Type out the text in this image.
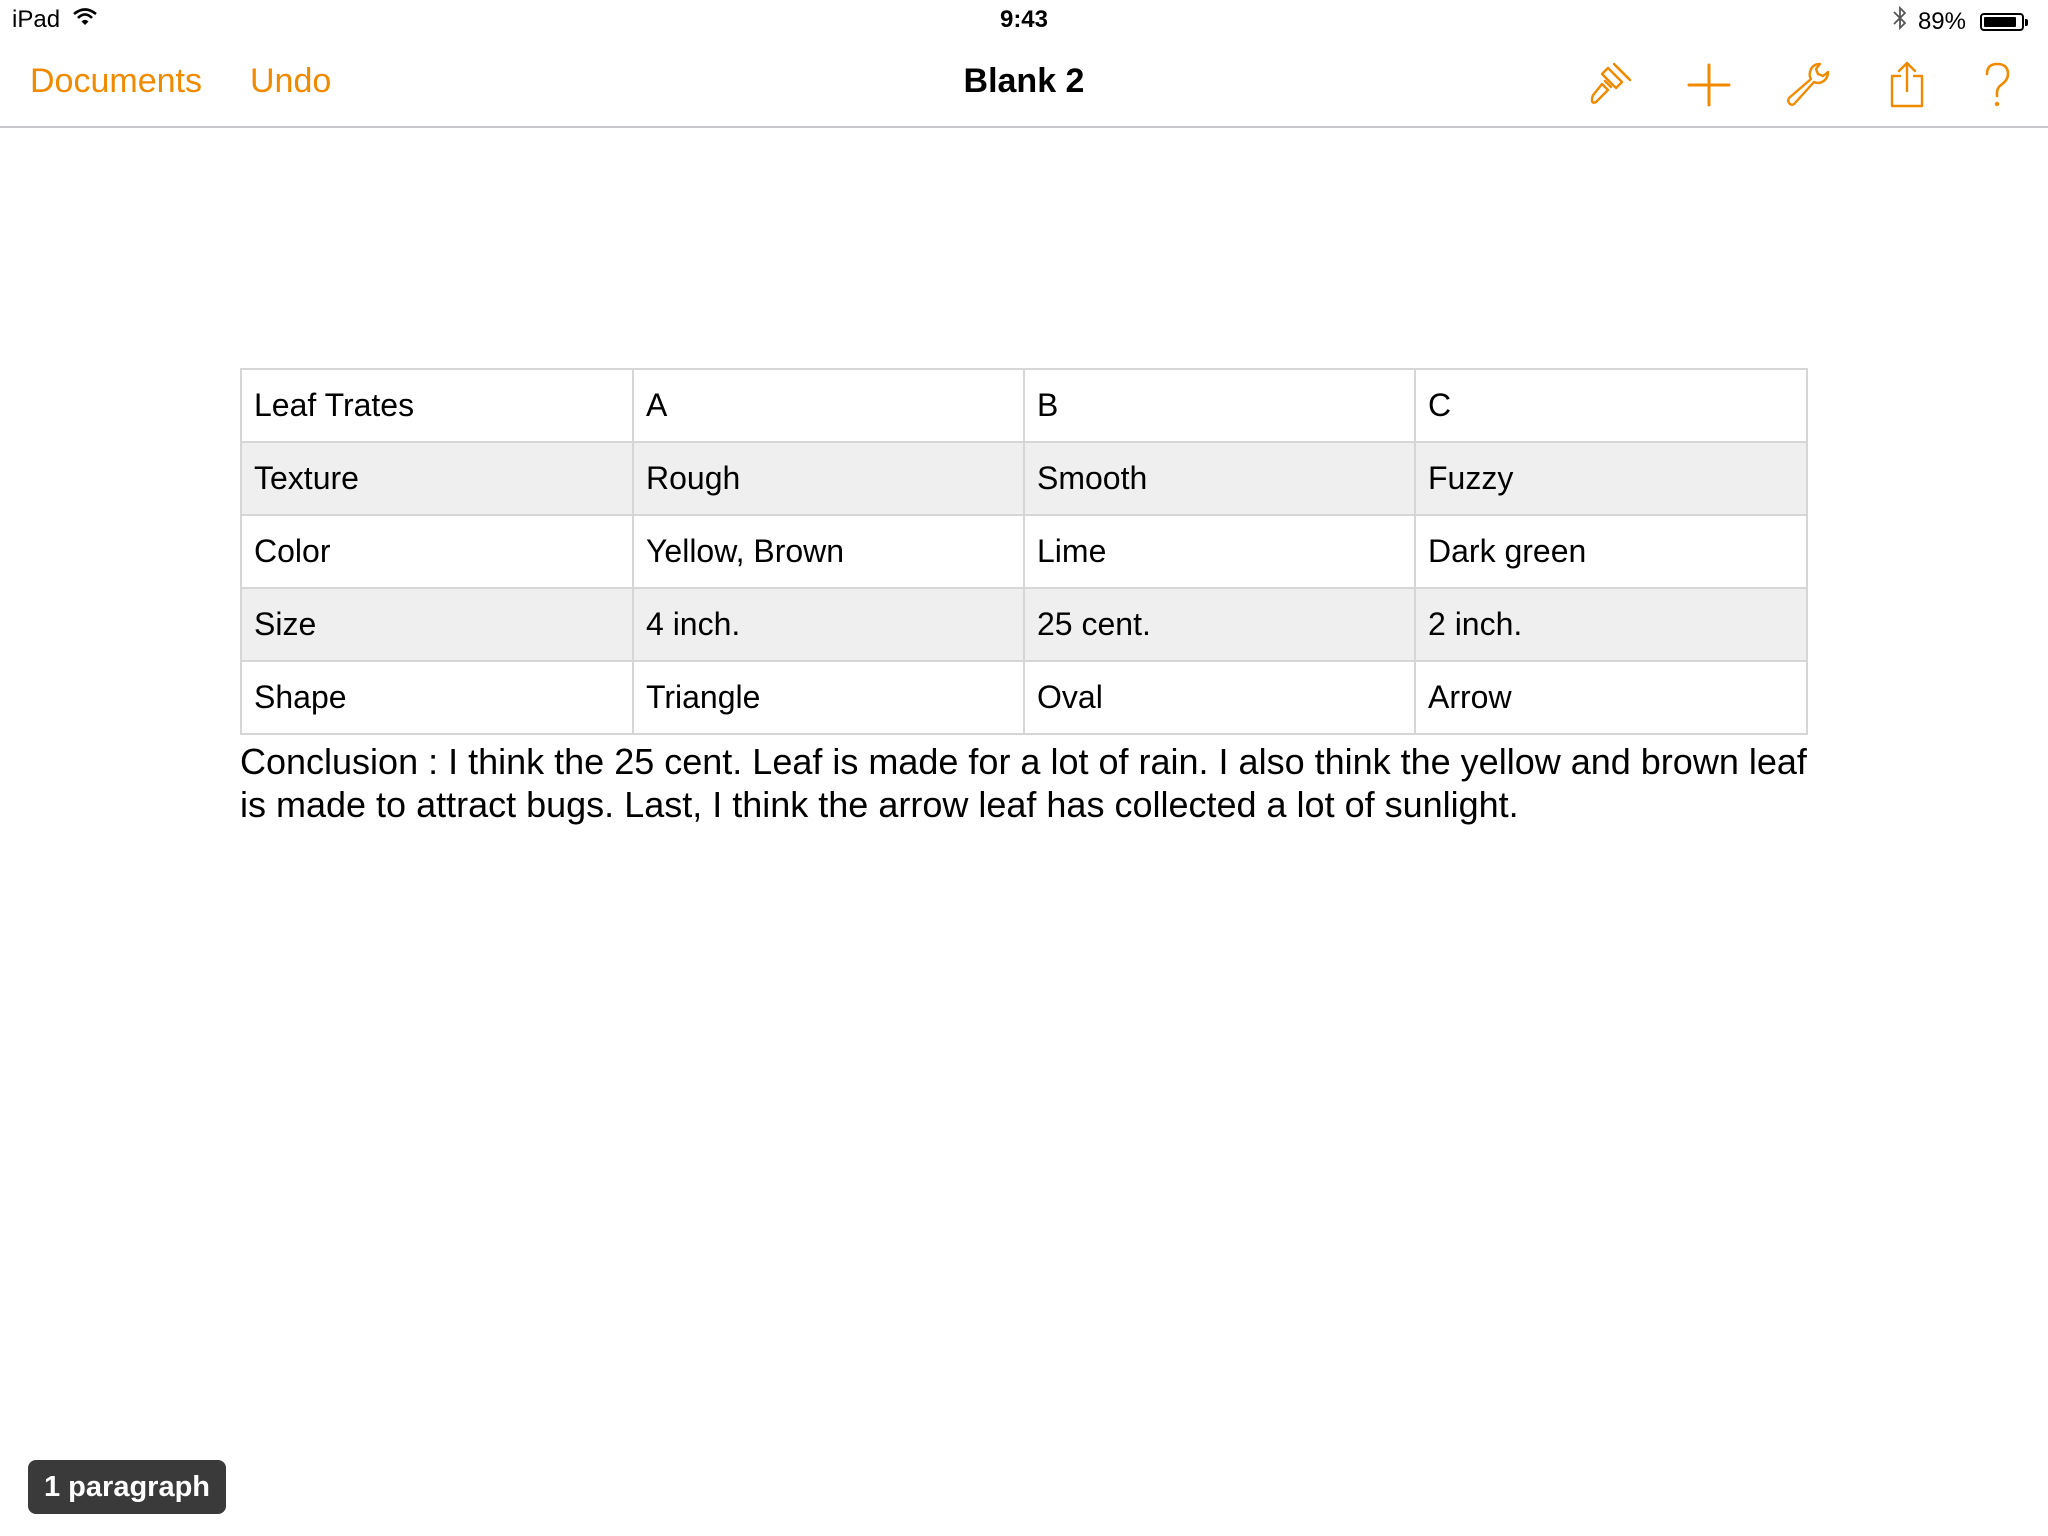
iPad	9:43	89%
Documents Undo	Blank 2
Leaf Trates	A	B	C
Texture	Rough	Smooth	Fuzzy
Color	Yellow, Brown	Lime	Dark green
Size	4 inch.	25 cent.	2 inch.
Shape	Triangle	Oval	Arrow
Conclusion : I think the 25 cent. Leaf is made for a lot of rain. I also think the yellow and brown leaf is made to attract bugs. Last, I think the arrow leaf has collected a lot of sunlight.
1 paragraph
